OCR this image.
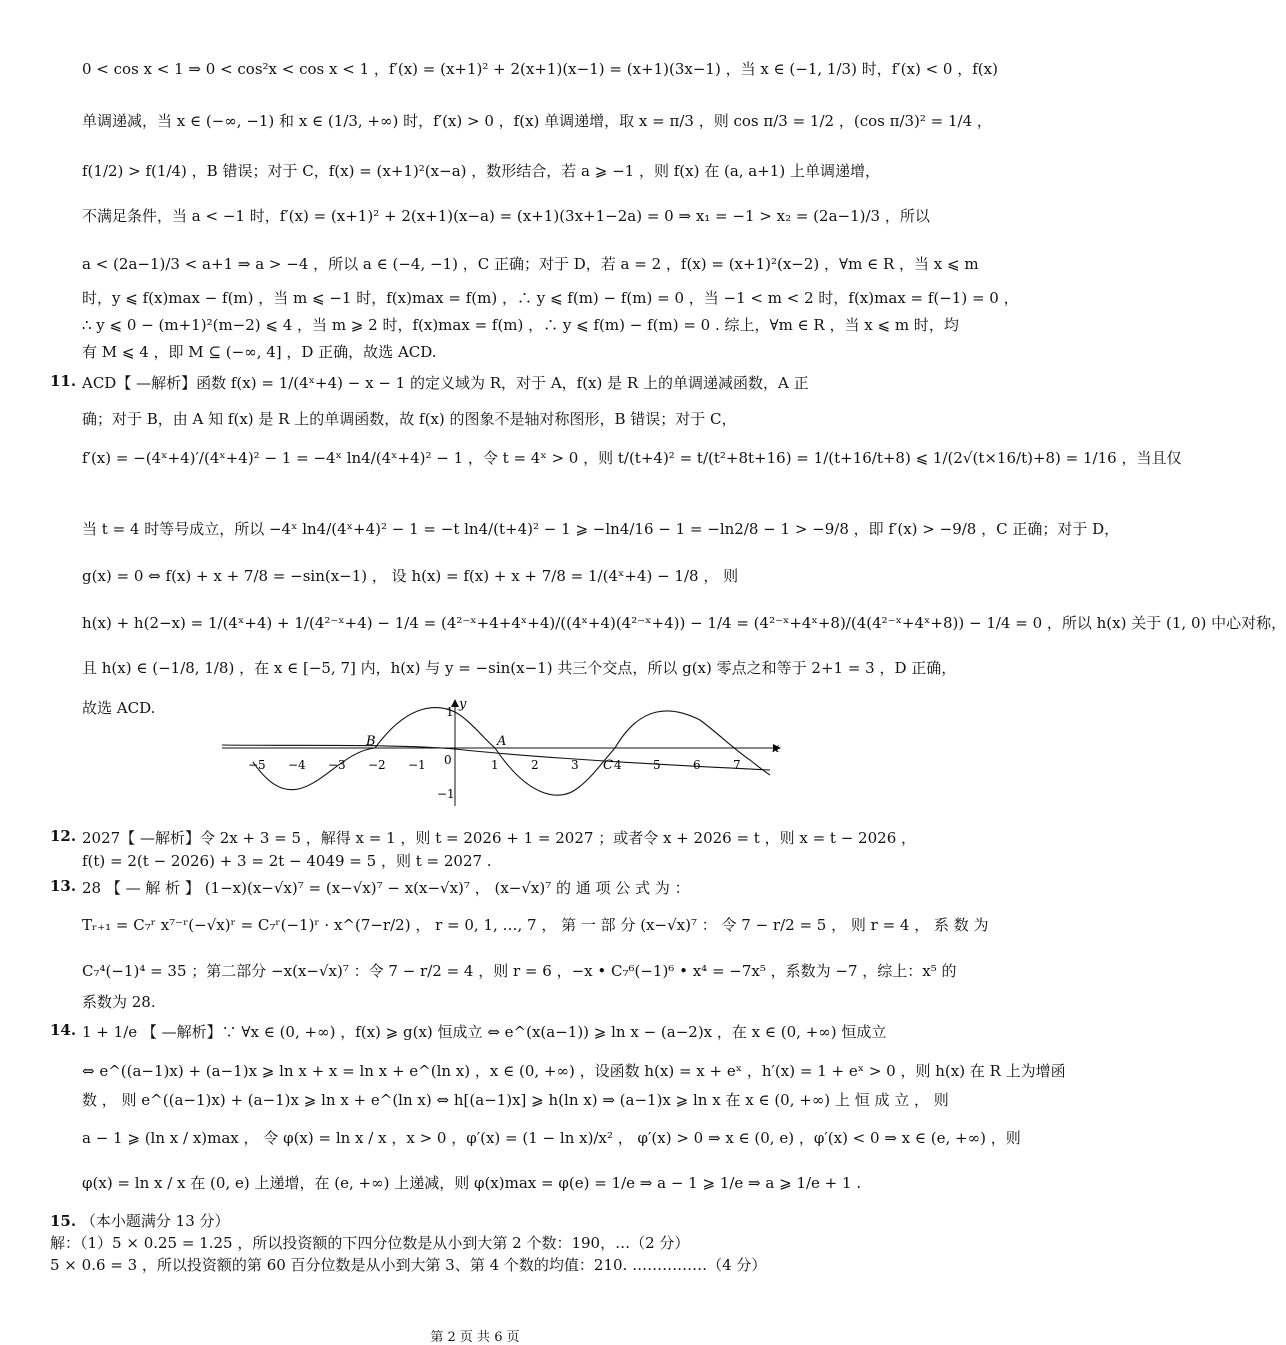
0 < cos x < 1 ⇒ 0 < cos²x < cos x < 1 ，f′(x) = (x+1)² + 2(x+1)(x−1) = (x+1)(3x−1) ，当 x ∈ (−1, 1/3) 时，f′(x) < 0 ，f(x)
单调递减，当 x ∈ (−∞, −1) 和 x ∈ (1/3, +∞) 时，f′(x) > 0 ，f(x) 单调递增，取 x = π/3 ，则 cos π/3 = 1/2 ，(cos π/3)² = 1/4 ，
f(1/2) > f(1/4) ，B 错误；对于 C，f(x) = (x+1)²(x−a) ，数形结合，若 a ⩾ −1 ，则 f(x) 在 (a, a+1) 上单调递增，
不满足条件，当 a < −1 时，f′(x) = (x+1)² + 2(x+1)(x−a) = (x+1)(3x+1−2a) = 0 ⇒ x₁ = −1 > x₂ = (2a−1)/3 ，所以
a < (2a−1)/3 < a+1 ⇒ a > −4 ，所以 a ∈ (−4, −1) ，C 正确；对于 D，若 a = 2 ，f(x) = (x+1)²(x−2) ，∀m ∈ R ，当 x ⩽ m
时，y ⩽ f(x)max − f(m) ，当 m ⩽ −1 时，f(x)max = f(m) ，∴ y ⩽ f(m) − f(m) = 0 ，当 −1 < m < 2 时，f(x)max = f(−1) = 0 ，
∴ y ⩽ 0 − (m+1)²(m−2) ⩽ 4 ，当 m ⩾ 2 时，f(x)max = f(m) ，∴ y ⩽ f(m) − f(m) = 0 . 综上，∀m ∈ R ，当 x ⩽ m 时，均
有 M ⩽ 4 ，即 M ⊆ (−∞, 4] ，D 正确，故选 ACD.
11. ACD【 —解析】函数 f(x) = 1/(4ˣ+4) − x − 1 的定义域为 R，对于 A，f(x) 是 R 上的单调递减函数，A 正
确；对于 B，由 A 知 f(x) 是 R 上的单调函数，故 f(x) 的图象不是轴对称图形，B 错误；对于 C，
f′(x) = −(4ˣ+4)′/(4ˣ+4)² − 1 = −4ˣ ln4/(4ˣ+4)² − 1 ，令 t = 4ˣ > 0 ，则 t/(t+4)² = t/(t²+8t+16) = 1/(t+16/t+8) ⩽ 1/(2√(t×16/t)+8) = 1/16 ，当且仅
当 t = 4 时等号成立，所以 −4ˣ ln4/(4ˣ+4)² − 1 = −t ln4/(t+4)² − 1 ⩾ −ln4/16 − 1 = −ln2/8 − 1 > −9/8 ，即 f′(x) > −9/8 ，C 正确；对于 D，
g(x) = 0 ⇔ f(x) + x + 7/8 = −sin(x−1) ， 设 h(x) = f(x) + x + 7/8 = 1/(4ˣ+4) − 1/8 ， 则
h(x) + h(2−x) = 1/(4ˣ+4) + 1/(4²⁻ˣ+4) − 1/4 = (4²⁻ˣ+4+4ˣ+4)/((4ˣ+4)(4²⁻ˣ+4)) − 1/4 = (4²⁻ˣ+4ˣ+8)/(4(4²⁻ˣ+4ˣ+8)) − 1/4 = 0 ，所以 h(x) 关于 (1, 0) 中心对称，
且 h(x) ∈ (−1/8, 1/8) ，在 x ∈ [−5, 7] 内，h(x) 与 y = −sin(x−1) 共三个交点，所以 g(x) 零点之和等于 2+1 = 3 ，D 正确，
故选 ACD.
x
y
B	A
C
1
−1
−5 −4 −3 −2 −1 0	1	2	3	4	5	6	7
12. 2027【 —解析】令 2x + 3 = 5 ，解得 x = 1 ，则 t = 2026 + 1 = 2027 ；或者令 x + 2026 = t ，则 x = t − 2026 ，
f(t) = 2(t − 2026) + 3 = 2t − 4049 = 5 ，则 t = 2027 .
13. 28 【 — 解 析 】 (1−x)(x−√x)⁷ = (x−√x)⁷ − x(x−√x)⁷ ， (x−√x)⁷ 的 通 项 公 式 为 ：
Tᵣ₊₁ = C₇ʳ x⁷⁻ʳ(−√x)ʳ = C₇ʳ(−1)ʳ · x^(7−r/2) ， r = 0, 1, …, 7 ， 第 一 部 分 (x−√x)⁷ ： 令 7 − r/2 = 5 ， 则 r = 4 ， 系 数 为
C₇⁴(−1)⁴ = 35 ；第二部分 −x(x−√x)⁷ ：令 7 − r/2 = 4 ，则 r = 6 ，−x • C₇⁶(−1)⁶ • x⁴ = −7x⁵ ，系数为 −7 ，综上：x⁵ 的
系数为 28.
14. 1 + 1/e 【 —解析】∵ ∀x ∈ (0, +∞) ，f(x) ⩾ g(x) 恒成立 ⇔ e^(x(a−1)) ⩾ ln x − (a−2)x ，在 x ∈ (0, +∞) 恒成立
⇔ e^((a−1)x) + (a−1)x ⩾ ln x + x = ln x + e^(ln x) ，x ∈ (0, +∞) ，设函数 h(x) = x + eˣ ，h′(x) = 1 + eˣ > 0 ，则 h(x) 在 R 上为增函
数 ， 则 e^((a−1)x) + (a−1)x ⩾ ln x + e^(ln x) ⇔ h[(a−1)x] ⩾ h(ln x) ⇒ (a−1)x ⩾ ln x 在 x ∈ (0, +∞) 上 恒 成 立 ， 则
a − 1 ⩾ (ln x / x)max ， 令 φ(x) = ln x / x ，x > 0 ，φ′(x) = (1 − ln x)/x² ， φ′(x) > 0 ⇒ x ∈ (0, e) ，φ′(x) < 0 ⇒ x ∈ (e, +∞) ，则
φ(x) = ln x / x 在 (0, e) 上递增，在 (e, +∞) 上递减，则 φ(x)max = φ(e) = 1/e ⇒ a − 1 ⩾ 1/e ⇒ a ⩾ 1/e + 1 .
15. （本小题满分 13 分）
解：（1）5 × 0.25 = 1.25 ，所以投资额的下四分位数是从小到大第 2 个数：190，…（2 分）
5 × 0.6 = 3 ，所以投资额的第 60 百分位数是从小到大第 3、第 4 个数的均值：210. ……………（4 分）
第 2 页 共 6 页
